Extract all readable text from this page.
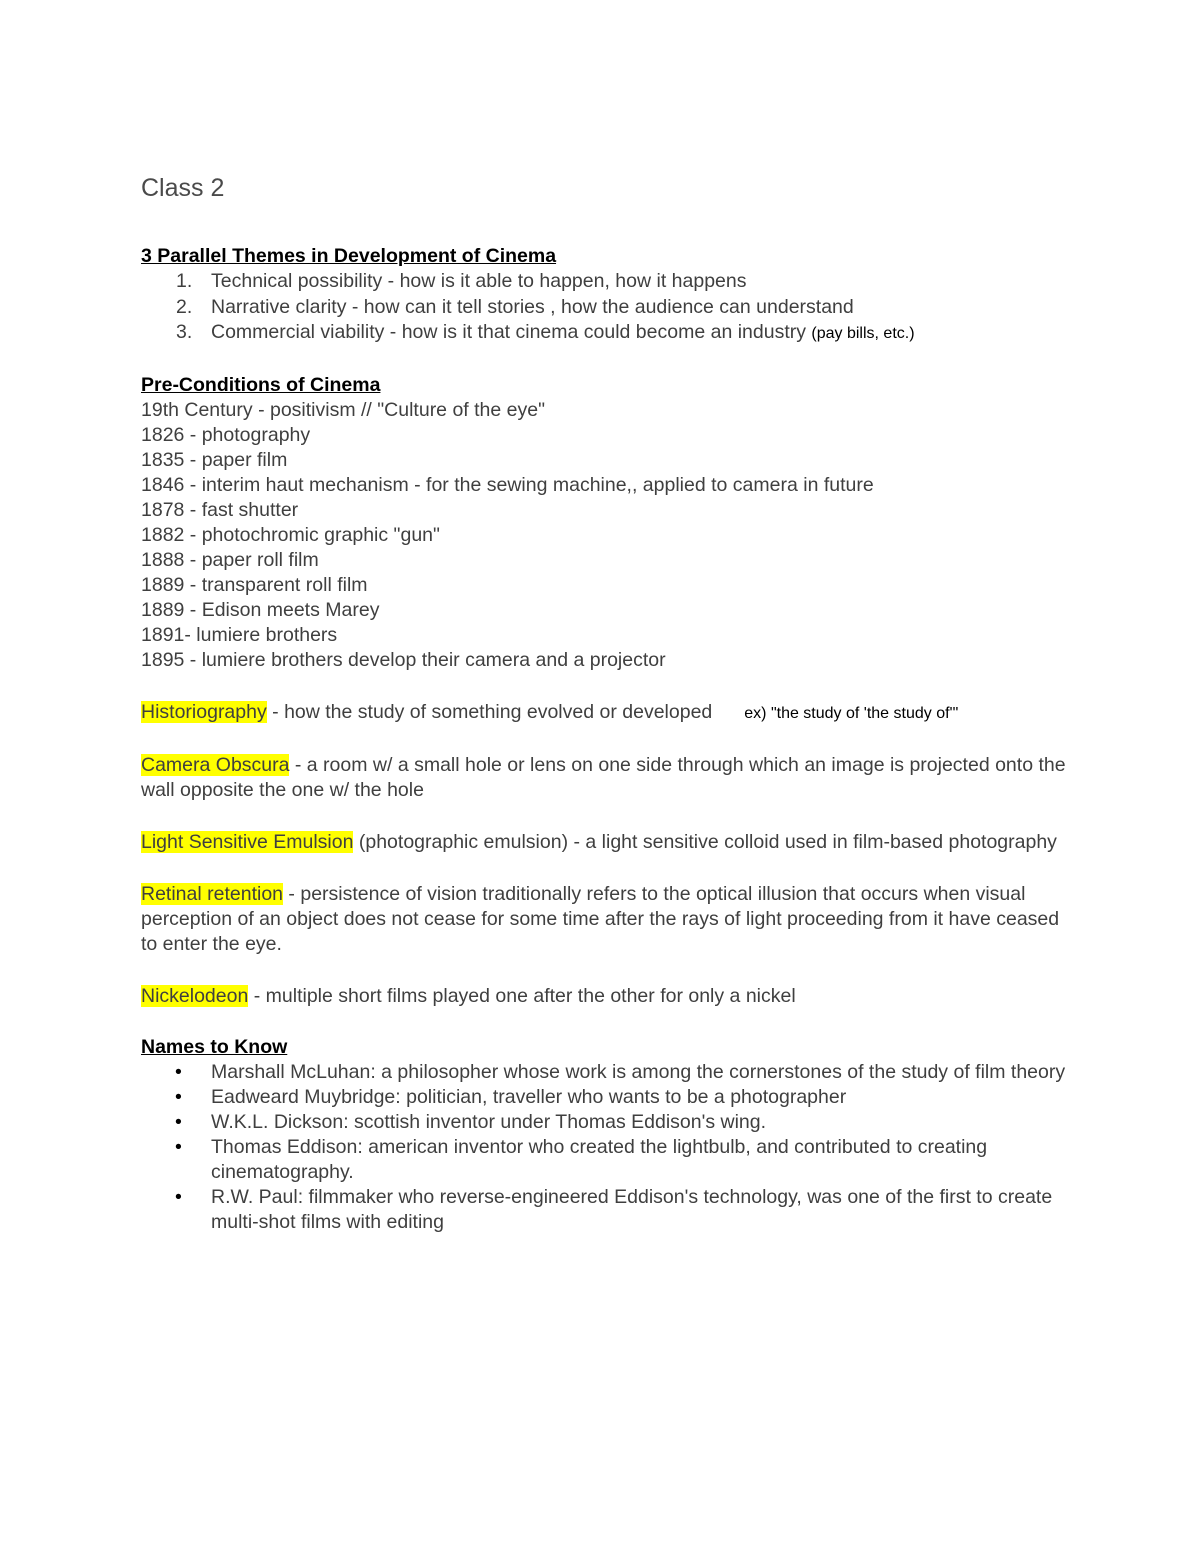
Class 2

3 Parallel Themes in Development of Cinema

1. Technical possibility - how is it able to happen, how it happens
2. Narrative clarity - how can it tell stories , how the audience can understand
3. Commercial viability - how is it that cinema could become an industry (pay bills, etc.)

Pre-Conditions of Cinema

19th Century - positivism // "Culture of the eye"

1826 - photography

1835 - paper film

1846 - interim haut mechanism - for the sewing machine,, applied to camera in future

1878 - fast shutter

1882 - photochromic graphic "gun"

1888 - paper roll film

1889 - transparent roll film

1889 - Edison meets Marey

1891- lumiere brothers

1895 - lumiere brothers develop their camera and a projector

Historiography - how the study of something evolved or developed ex) "the study of 'the study of'"

Camera Obscura - a room w/ a small hole or lens on one side through which an image is projected onto the wall opposite the one w/ the hole

Light Sensitive Emulsion (photographic emulsion) - a light sensitive colloid used in film-based photography

Retinal retention - persistence of vision traditionally refers to the optical illusion that occurs when visual perception of an object does not cease for some time after the rays of light proceeding from it have ceased to enter the eye.

Nickelodeon - multiple short films played one after the other for only a nickel

Names to Know

• Marshall McLuhan: a philosopher whose work is among the cornerstones of the study of film theory
• Eadweard Muybridge: politician, traveller who wants to be a photographer
• W.K.L. Dickson: scottish inventor under Thomas Eddison's wing.
• Thomas Eddison: american inventor who created the lightbulb, and contributed to creating cinematography.
• R.W. Paul: filmmaker who reverse-engineered Eddison's technology, was one of the first to create multi-shot films with editing
